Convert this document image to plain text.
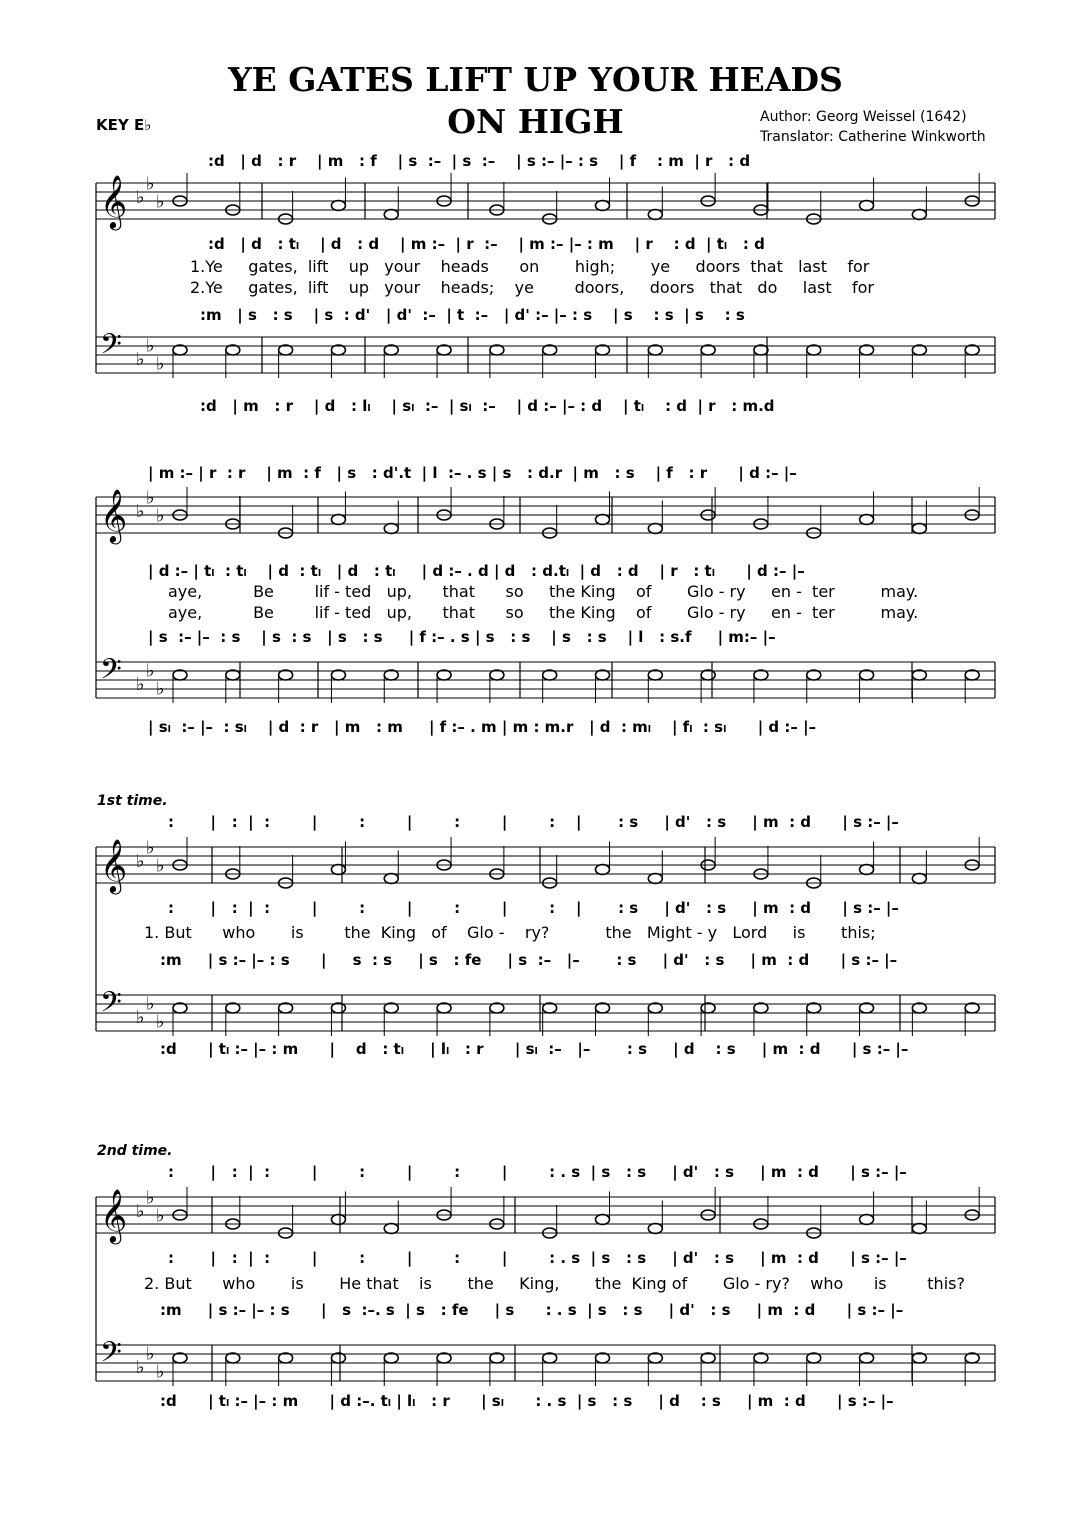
YE GATES LIFT UP YOUR HEADS
ON HIGH
KEY E♭	Author: Georg Weissel (1642)
Translator: Catherine Winkworth
:d   | d   : r    | m   : f    | s  :–  | s  :–    | s :– |– : s    | f    : m  | r   : d
:d   | d   : tₗ    | d   : d    | m :–  | r  :–    | m :– |– : m    | r    : d  | tₗ   : d
1.Ye     gates,  lift    up   your    heads      on       high;       ye     doors  that   last    for
2.Ye     gates,  lift    up   your    heads;    ye        doors,     doors   that   do     last    for
:m   | s   : s    | s  : d'   | d'  :–  | t  :–   | d' :– |– : s    | s    : s  | s    : s
:d   | m   : r    | d   : lₗ    | sₗ  :–  | sₗ  :–    | d :– |– : d    | tₗ    : d  | r   : m.d
| m :– | r  : r    | m  : f   | s   : d'.t  | l  :– . s | s   : d.r  | m   : s    | f   : r      | d :– |–
| d :– | tₗ  : tₗ    | d  : tₗ   | d   : tₗ     | d :– . d | d   : d.tₗ  | d   : d    | r   : tₗ      | d :– |–
aye,          Be        lif - ted   up,      that      so     the King    of       Glo - ry     en -  ter         may.
aye,          Be        lif - ted   up,      that      so     the King    of       Glo - ry     en -  ter         may.
| s  :– |–  : s    | s  : s   | s   : s     | f :– . s | s   : s    | s   : s    | l   : s.f     | m:– |–
| sₗ  :– |–  : sₗ    | d  : r   | m   : m     | f :– . m | m : m.r   | d  : mₗ    | fₗ  : sₗ      | d :– |–
1st time.
:       |   :  |  :        |        :        |        :        |        :    |       : s     | d'   : s     | m  : d      | s :– |–
:       |   :  |  :        |        :        |        :        |        :    |       : s     | d'   : s     | m  : d      | s :– |–
1. But      who       is        the  King   of    Glo -    ry?           the   Might - y   Lord     is       this;
:m     | s :– |– : s      |     s  : s     | s   : fe     | s  :–   |–       : s     | d'   : s     | m  : d      | s :– |–
:d      | tₗ :– |– : m      |    d   : tₗ     | lₗ   : r      | sₗ  :–   |–       : s     | d    : s     | m  : d      | s :– |–
2nd time.
:       |   :  |  :        |        :        |        :        |        : . s  | s   : s     | d'   : s     | m  : d      | s :– |–
:       |   :  |  :        |        :        |        :        |        : . s  | s   : s     | d'   : s     | m  : d      | s :– |–
2. But      who       is       He that    is       the     King,       the  King of       Glo - ry?    who      is        this?
:m     | s :– |– : s      |   s  :–. s  | s   : fe     | s      : . s  | s   : s     | d'   : s     | m  : d      | s :– |–
:d      | tₗ :– |– : m      | d :–. tₗ | lₗ   : r      | sₗ      : . s  | s   : s     | d    : s     | m  : d      | s :– |–
𝄞 ♭
♭
♭
𝄢 ♭
♭
♭
𝄞 ♭
♭
♭
𝄢 ♭
♭
♭
𝄞 ♭
♭
♭
𝄢 ♭
♭
♭
𝄞 ♭
♭
♭
𝄢 ♭
♭
♭
